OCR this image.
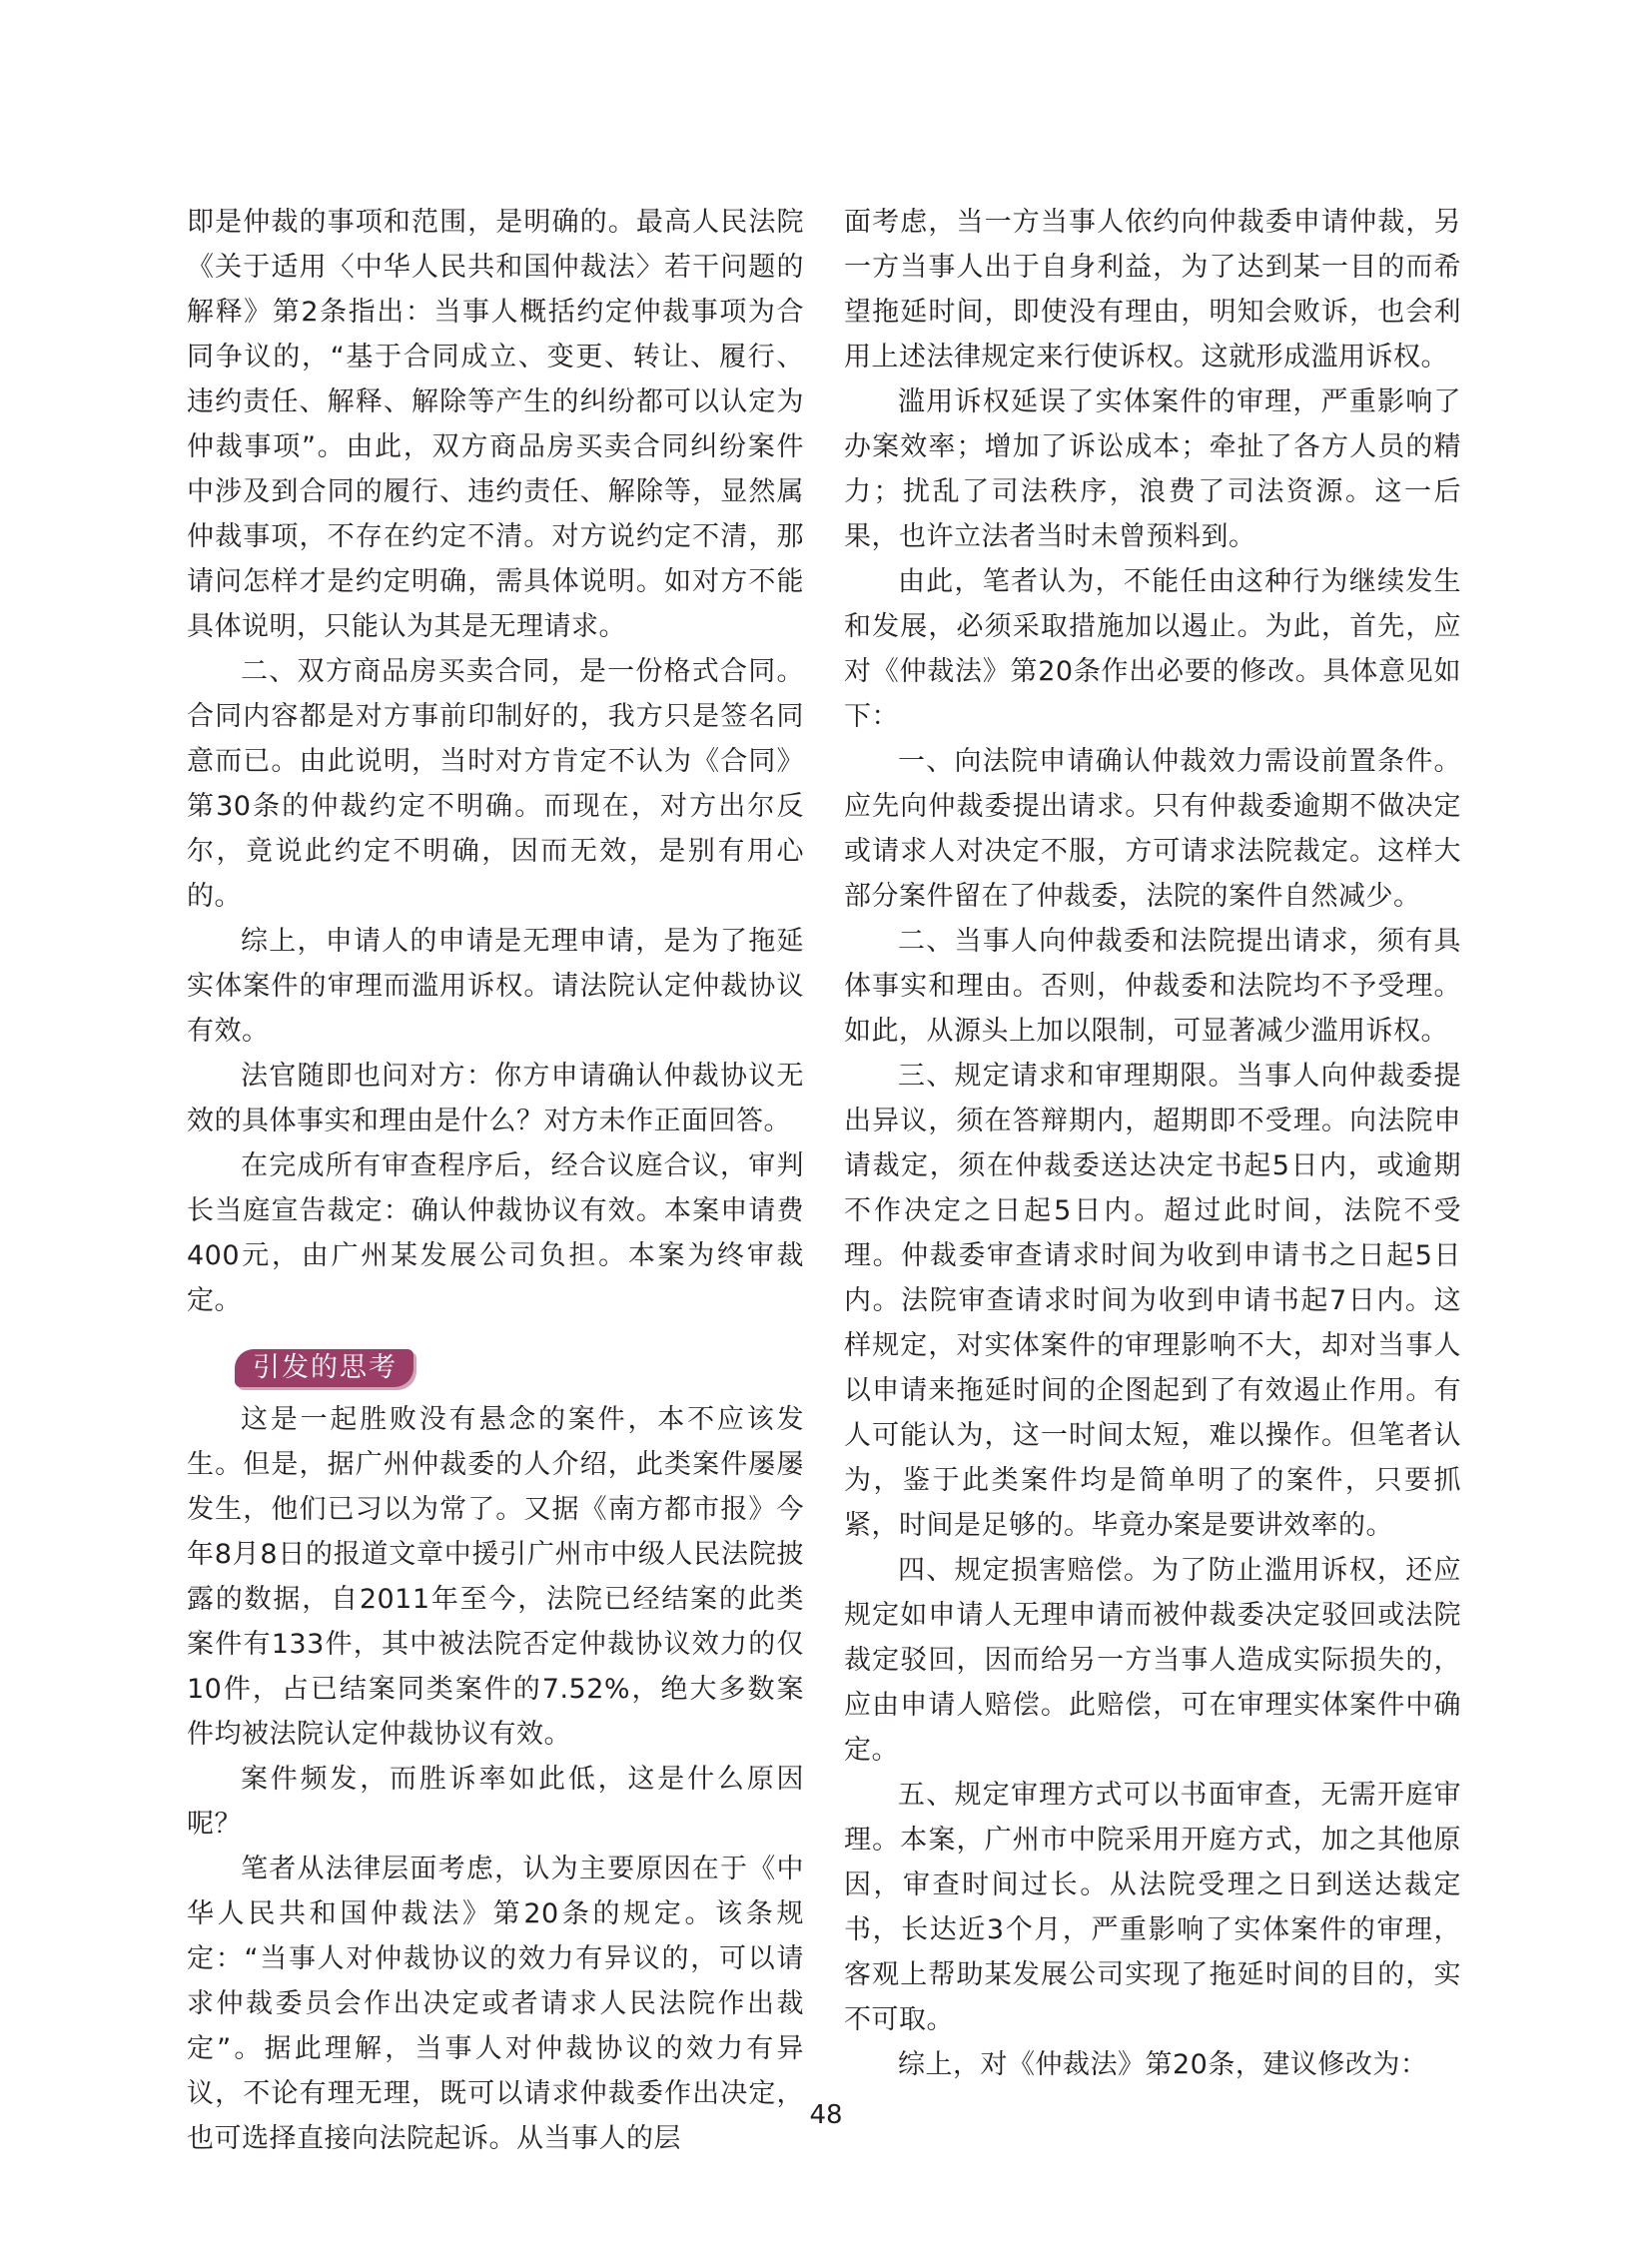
即是仲裁的事项和范围，是明确的。最高人民法院《关于适用〈中华人民共和国仲裁法〉若干问题的解释》第2条指出：当事人概括约定仲裁事项为合同争议的，“基于合同成立、变更、转让、履行、违约责任、解释、解除等产生的纠纷都可以认定为仲裁事项”。由此，双方商品房买卖合同纠纷案件中涉及到合同的履行、违约责任、解除等，显然属仲裁事项，不存在约定不清。对方说约定不清，那请问怎样才是约定明确，需具体说明。如对方不能具体说明，只能认为其是无理请求。

二、双方商品房买卖合同，是一份格式合同。合同内容都是对方事前印制好的，我方只是签名同意而已。由此说明，当时对方肯定不认为《合同》第30条的仲裁约定不明确。而现在，对方出尔反尔，竟说此约定不明确，因而无效，是别有用心的。

综上，申请人的申请是无理申请，是为了拖延实体案件的审理而滥用诉权。请法院认定仲裁协议有效。

法官随即也问对方：你方申请确认仲裁协议无效的具体事实和理由是什么？对方未作正面回答。

在完成所有审查程序后，经合议庭合议，审判长当庭宣告裁定：确认仲裁协议有效。本案申请费400元，由广州某发展公司负担。本案为终审裁定。

引发的思考

这是一起胜败没有悬念的案件，本不应该发生。但是，据广州仲裁委的人介绍，此类案件屡屡发生，他们已习以为常了。又据《南方都市报》今年8月8日的报道文章中援引广州市中级人民法院披露的数据，自2011年至今，法院已经结案的此类案件有133件，其中被法院否定仲裁协议效力的仅10件，占已结案同类案件的7.52%，绝大多数案件均被法院认定仲裁协议有效。

案件频发，而胜诉率如此低，这是什么原因呢？

笔者从法律层面考虑，认为主要原因在于《中华人民共和国仲裁法》第20条的规定。该条规定：“当事人对仲裁协议的效力有异议的，可以请求仲裁委员会作出决定或者请求人民法院作出裁定”。据此理解，当事人对仲裁协议的效力有异议，不论有理无理，既可以请求仲裁委作出决定，也可选择直接向法院起诉。从当事人的层

面考虑，当一方当事人依约向仲裁委申请仲裁，另一方当事人出于自身利益，为了达到某一目的而希望拖延时间，即使没有理由，明知会败诉，也会利用上述法律规定来行使诉权。这就形成滥用诉权。

滥用诉权延误了实体案件的审理，严重影响了办案效率；增加了诉讼成本；牵扯了各方人员的精力；扰乱了司法秩序，浪费了司法资源。这一后果，也许立法者当时未曾预料到。

由此，笔者认为，不能任由这种行为继续发生和发展，必须采取措施加以遏止。为此，首先，应对《仲裁法》第20条作出必要的修改。具体意见如下：

一、向法院申请确认仲裁效力需设前置条件。应先向仲裁委提出请求。只有仲裁委逾期不做决定或请求人对决定不服，方可请求法院裁定。这样大部分案件留在了仲裁委，法院的案件自然减少。

二、当事人向仲裁委和法院提出请求，须有具体事实和理由。否则，仲裁委和法院均不予受理。如此，从源头上加以限制，可显著减少滥用诉权。

三、规定请求和审理期限。当事人向仲裁委提出异议，须在答辩期内，超期即不受理。向法院申请裁定，须在仲裁委送达决定书起5日内，或逾期不作决定之日起5日内。超过此时间，法院不受理。仲裁委审查请求时间为收到申请书之日起5日内。法院审查请求时间为收到申请书起7日内。这样规定，对实体案件的审理影响不大，却对当事人以申请来拖延时间的企图起到了有效遏止作用。有人可能认为，这一时间太短，难以操作。但笔者认为，鉴于此类案件均是简单明了的案件，只要抓紧，时间是足够的。毕竟办案是要讲效率的。

四、规定损害赔偿。为了防止滥用诉权，还应规定如申请人无理申请而被仲裁委决定驳回或法院裁定驳回，因而给另一方当事人造成实际损失的，应由申请人赔偿。此赔偿，可在审理实体案件中确定。

五、规定审理方式可以书面审查，无需开庭审理。本案，广州市中院采用开庭方式，加之其他原因，审查时间过长。从法院受理之日到送达裁定书，长达近3个月，严重影响了实体案件的审理，客观上帮助某发展公司实现了拖延时间的目的，实不可取。

综上，对《仲裁法》第20条，建议修改为：

48
